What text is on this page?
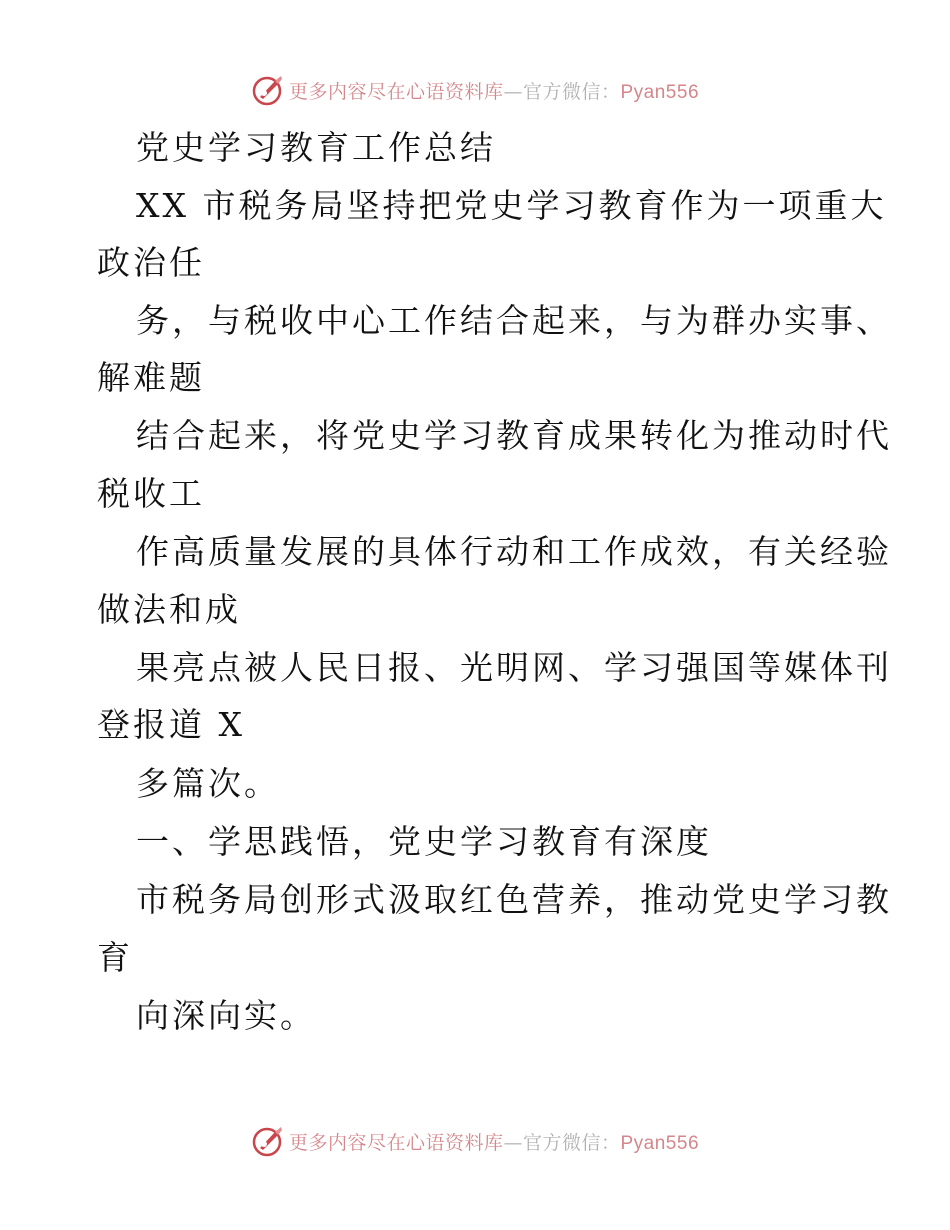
更多内容尽在心语资料库—官方微信：Pyan556
党史学习教育工作总结
XX 市税务局坚持把党史学习教育作为一项重大
政治任
务，与税收中心工作结合起来，与为群办实事、
解难题
结合起来，将党史学习教育成果转化为推动时代
税收工
作高质量发展的具体行动和工作成效，有关经验
做法和成
果亮点被人民日报、光明网、学习强国等媒体刊
登报道 X
多篇次。
一、学思践悟，党史学习教育有深度
市税务局创形式汲取红色营养，推动党史学习教
育
向深向实。
更多内容尽在心语资料库—官方微信：Pyan556
